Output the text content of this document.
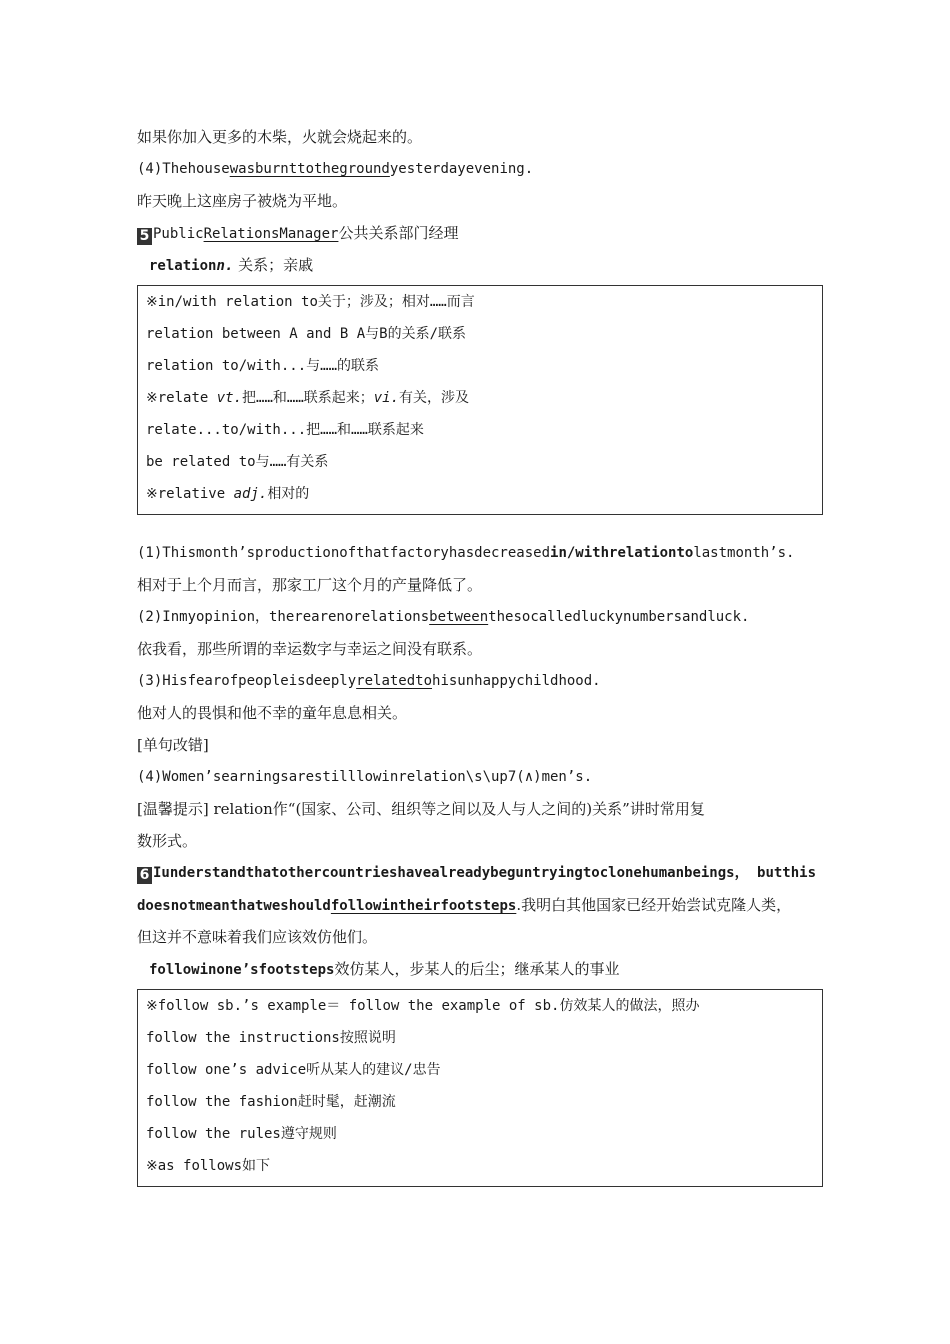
如果你加入更多的木柴，火就会烧起来的。
(4)Thehousewasburnttothegroundyesterdayevening.
昨天晚上这座房子被烧为平地。
5 PublicRelationsManager公共关系部门经理
relationn. 关系；亲戚
※in/with relation to关于；涉及；相对……而言
relation between A and B A与B的关系/联系
relation to/with...与……的联系
※relate vt.把……和……联系起来；vi.有关，涉及
relate...to/with...把……和……联系起来
be related to与……有关系
※relative adj.相对的
(1)Thismonth’sproductionofthatfactoryhasdecreasedin/withrelationtolastmonth’s.
相对于上个月而言，那家工厂这个月的产量降低了。
(2)Inmyopinion，therearenorelationsbetweenthesocalledluckynumbersandluck.
依我看，那些所谓的幸运数字与幸运之间没有联系。
(3)Hisfearofpeopleisdeeplyrelatedtohisunhappychildhood.
他对人的畏惧和他不幸的童年息息相关。
[单句改错]
(4)Women’searningsarestilllowinrelation\s\up7(∧)men’s.
[温馨提示] relation作“(国家、公司、组织等之间以及人与人之间的)关系”讲时常用复
数形式。
6 Iunderstandthatothercountrieshavealreadybeguntryingtoclonehumanbeings， butthis
doesnotmeanthatweshouldfollowintheirfootsteps.我明白其他国家已经开始尝试克隆人类，
但这并不意味着我们应该效仿他们。
followinone’sfootsteps效仿某人，步某人的后尘；继承某人的事业
※follow sb.’s example＝ follow the example of sb.仿效某人的做法，照办
follow the instructions按照说明
follow one’s advice听从某人的建议/忠告
follow the fashion赶时髦，赶潮流
follow the rules遵守规则
※as follows如下
